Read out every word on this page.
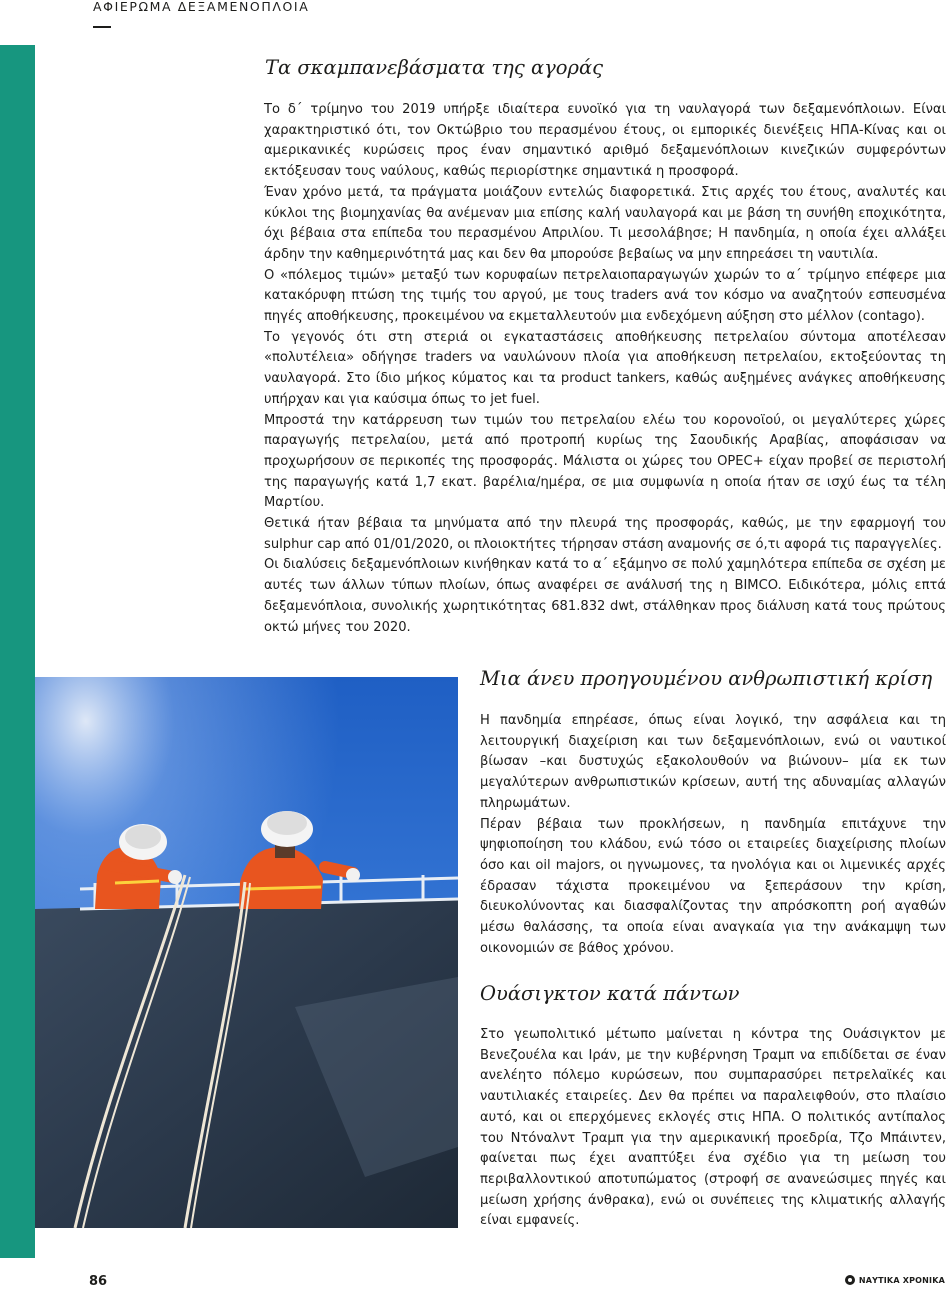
ΑΦΙΕΡΩΜΑ ΔΕΞΑΜΕΝΟΠΛΟΙΑ

Τα σκαμπανεβάσματα της αγοράς

Το δ΄ τρίμηνο του 2019 υπήρξε ιδιαίτερα ευνοϊκό για τη ναυλαγορά των δεξαμενόπλοιων. Είναι χαρακτηριστικό ότι, τον Οκτώβριο του περασμένου έτους, οι εμπορικές διενέξεις ΗΠΑ-Κίνας και οι αμερικανικές κυρώσεις προς έναν σημαντικό αριθμό δεξαμενόπλοιων κινεζικών συμφερόντων εκτόξευσαν τους ναύλους, καθώς περιορίστηκε σημαντικά η προσφορά.

Έναν χρόνο μετά, τα πράγματα μοιάζουν εντελώς διαφορετικά. Στις αρχές του έτους, αναλυτές και κύκλοι της βιομηχανίας θα ανέμεναν μια επίσης καλή ναυλαγορά και με βάση τη συνήθη εποχικότητα, όχι βέβαια στα επίπεδα του περασμένου Απριλίου. Τι μεσολάβησε; Η πανδημία, η οποία έχει αλλάξει άρδην την καθημερινότητά μας και δεν θα μπορούσε βεβαίως να μην επηρεάσει τη ναυτιλία.

Ο «πόλεμος τιμών» μεταξύ των κορυφαίων πετρελαιοπαραγωγών χωρών το α΄ τρίμηνο επέφερε μια κατακόρυφη πτώση της τιμής του αργού, με τους traders ανά τον κόσμο να αναζητούν εσπευσμένα πηγές αποθήκευσης, προκειμένου να εκμεταλλευτούν μια ενδεχόμενη αύξηση στο μέλλον (contago).

Το γεγονός ότι στη στεριά οι εγκαταστάσεις αποθήκευσης πετρελαίου σύντομα αποτέλεσαν «πολυτέλεια» οδήγησε traders να ναυλώνουν πλοία για αποθήκευση πετρελαίου, εκτοξεύοντας τη ναυλαγορά. Στο ίδιο μήκος κύματος και τα product tankers, καθώς αυξημένες ανάγκες αποθήκευσης υπήρχαν και για καύσιμα όπως το jet fuel.

Μπροστά την κατάρρευση των τιμών του πετρελαίου ελέω του κορονοϊού, οι μεγαλύτερες χώρες παραγωγής πετρελαίου, μετά από προτροπή κυρίως της Σαουδικής Αραβίας, αποφάσισαν να προχωρήσουν σε περικοπές της προσφοράς. Μάλιστα οι χώρες του OPEC+ είχαν προβεί σε περιστολή της παραγωγής κατά 1,7 εκατ. βαρέλια/ημέρα, σε μια συμφωνία η οποία ήταν σε ισχύ έως τα τέλη Μαρτίου.

Θετικά ήταν βέβαια τα μηνύματα από την πλευρά της προσφοράς, καθώς, με την εφαρμογή του sulphur cap από 01/01/2020, οι πλοιοκτήτες τήρησαν στάση αναμονής σε ό,τι αφορά τις παραγγελίες.

Οι διαλύσεις δεξαμενόπλοιων κινήθηκαν κατά το α΄ εξάμηνο σε πολύ χαμηλότερα επίπεδα σε σχέση με αυτές των άλλων τύπων πλοίων, όπως αναφέρει σε ανάλυσή της η BIMCO. Ειδικότερα, μόλις επτά δεξαμενόπλοια, συνολικής χωρητικότητας 681.832 dwt, στάλθηκαν προς διάλυση κατά τους πρώτους οκτώ μήνες του 2020.

Μια άνευ προηγουμένου ανθρωπιστική κρίση

Η πανδημία επηρέασε, όπως είναι λογικό, την ασφάλεια και τη λειτουργική διαχείριση και των δεξαμενόπλοιων, ενώ οι ναυτικοί βίωσαν –και δυστυχώς εξακολουθούν να βιώνουν– μία εκ των μεγαλύτερων ανθρωπιστικών κρίσεων, αυτή της αδυναμίας αλλαγών πληρωμάτων.

Πέραν βέβαια των προκλήσεων, η πανδημία επιτάχυνε την ψηφιοποίηση του κλάδου, ενώ τόσο οι εταιρείες διαχείρισης πλοίων όσο και oil majors, οι ηγνωμονες, τα ηνολόγια και οι λιμενικές αρχές έδρασαν τάχιστα προκειμένου να ξεπεράσουν την κρίση, διευκολύνοντας και διασφαλίζοντας την απρόσκοπτη ροή αγαθών μέσω θαλάσσης, τα οποία είναι αναγκαία για την ανάκαμψη των οικονομιών σε βάθος χρόνου.

Ουάσιγκτον κατά πάντων

Στο γεωπολιτικό μέτωπο μαίνεται η κόντρα της Ουάσιγκτον με Βενεζουέλα και Ιράν, με την κυβέρνηση Τραμπ να επιδίδεται σε έναν ανελέητο πόλεμο κυρώσεων, που συμπαρασύρει πετρελαϊκές και ναυτιλιακές εταιρείες. Δεν θα πρέπει να παραλειφθούν, στο πλαίσιο αυτό, και οι επερχόμενες εκλογές στις ΗΠΑ. Ο πολιτικός αντίπαλος του Ντόναλντ Τραμπ για την αμερικανική προεδρία, Τζο Μπάιντεν, φαίνεται πως έχει αναπτύξει ένα σχέδιο για τη μείωση του περιβαλλοντικού αποτυπώματος (στροφή σε ανανεώσιμες πηγές και μείωση χρήσης άνθρακα), ενώ οι συνέπειες της κλιματικής αλλαγής είναι εμφανείς.

86	ΝΑΥΤΙΚΑ ΧΡΟΝΙΚΑ
